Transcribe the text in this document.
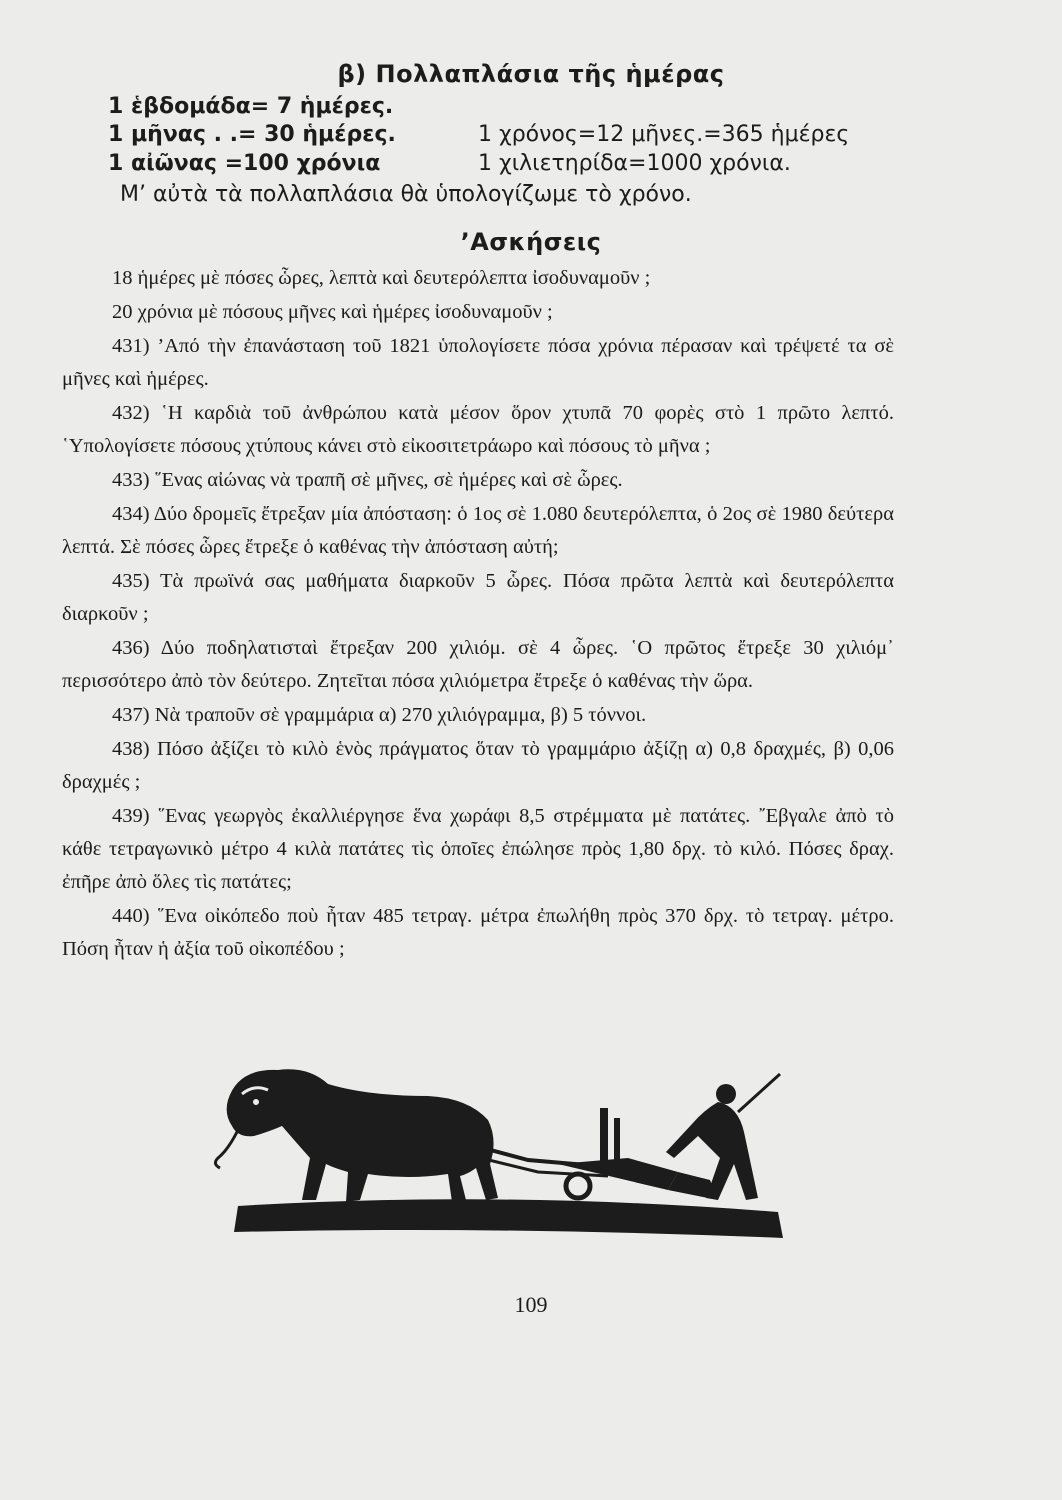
β) Πολλαπλάσια τῆς ἡμέρας
1 ἑβδομάδα= 7 ἡμέρες.
1 μῆνας . .= 30 ἡμέρες.	1 χρόνος=12 μῆνες.=365 ἡμέρες
1 αἰῶνας =100 χρόνια	1 χιλιετηρίδα=1000 χρόνια.
Μ’ αὐτὰ τὰ πολλαπλάσια θὰ ὑπολογίζωμε τὸ χρόνο.
’Ασκήσεις

18 ἡμέρες μὲ πόσες ὧρες, λεπτὰ καὶ δευτερόλεπτα ἰσοδυναμοῦν ;

20 χρόνια μὲ πόσους μῆνες καὶ ἡμέρες ἰσοδυναμοῦν ;

431) ’Από τὴν ἐπανάσταση τοῦ 1821 ὑπολογίσετε πόσα χρόνια πέρασαν καὶ τρέψετέ τα σὲ μῆνες καὶ ἡμέρες.

432) ῾Η καρδιὰ τοῦ ἀνθρώπου κατὰ μέσον ὅρον χτυπᾶ 70 φορὲς στὸ 1 πρῶτο λεπτό. ῾Υπολογίσετε πόσους χτύπους κάνει στὸ εἰκοσιτετράωρο καὶ πόσους τὸ μῆνα ;

433) ῞Ενας αἰώνας νὰ τραπῆ σὲ μῆνες, σὲ ἡμέρες καὶ σὲ ὧρες.

434) Δύο δρομεῖς ἔτρεξαν μία ἀπόσταση: ὁ 1ος σὲ 1.080 δευτερόλεπτα, ὁ 2ος σὲ 1980 δεύτερα λεπτά. Σὲ πόσες ὧρες ἔτρεξε ὁ καθένας τὴν ἀπόσταση αὐτή;

435) Τὰ πρωϊνά σας μαθήματα διαρκοῦν 5 ὧρες. Πόσα πρῶτα λεπτὰ καὶ δευτερόλεπτα διαρκοῦν ;

436) Δύο ποδηλατισταὶ ἔτρεξαν 200 χιλιόμ. σὲ 4 ὧρες. ῾Ο πρῶτος ἔτρεξε 30 χιλιόμ᾿ περισσότερο ἀπὸ τὸν δεύτερο. Ζητεῖται πόσα χιλιόμετρα ἔτρεξε ὁ καθένας τὴν ὥρα.

437) Νὰ τραποῦν σὲ γραμμάρια α) 270 χιλιόγραμμα, β) 5 τόννοι.

438) Πόσο ἀξίζει τὸ κιλὸ ἑνὸς πράγματος ὅταν τὸ γραμμάριο ἀξίζῃ α) 0,8 δραχμές, β) 0,06 δραχμές ;

439) ῞Ενας γεωργὸς ἐκαλλιέργησε ἕνα χωράφι 8,5 στρέμματα μὲ πατάτες. ῎Εβγαλε ἀπὸ τὸ κάθε τετραγωνικὸ μέτρο 4 κιλὰ πατάτες τὶς ὁποῖες ἐπώλησε πρὸς 1,80 δρχ. τὸ κιλό. Πόσες δραχ. ἐπῆρε ἀπὸ ὅλες τὶς πατάτες;

440) ῞Ενα οἰκόπεδο ποὺ ἦταν 485 τετραγ. μέτρα ἐπωλήθη πρὸς 370 δρχ. τὸ τετραγ. μέτρο. Πόση ἦταν ἡ ἀξία τοῦ οἰκοπέδου ;

109
